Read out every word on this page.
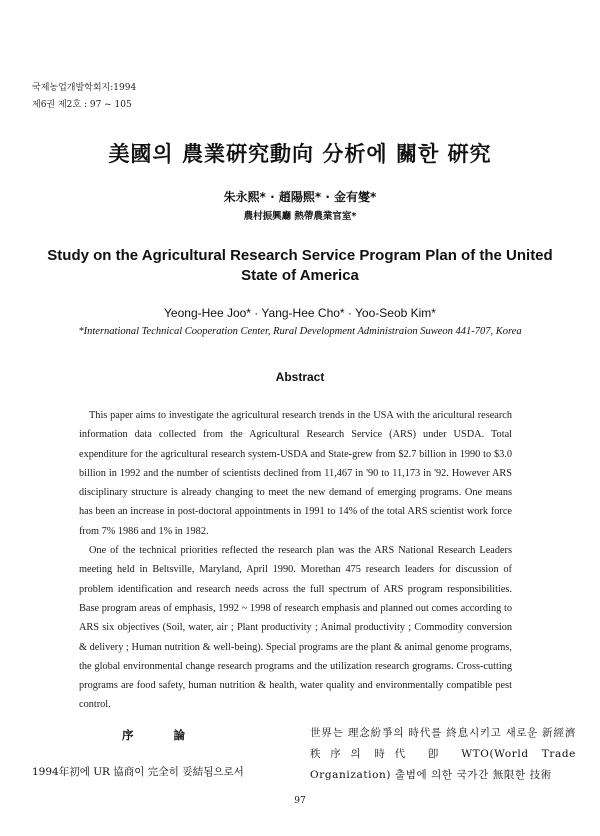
국제농업개발학회지:1994
제6권 제2호 : 97 ~ 105
美國의 農業硏究動向 分析에 關한 硏究
朱永熙* · 趙陽熙* · 金有燮*
農村振興廳 熱帶農業官室*
Study on the Agricultural Research Service Program Plan of the United State of America
Yeong-Hee Joo* · Yang-Hee Cho* · Yoo-Seob Kim*
*International Technical Cooperation Center, Rural Development Administraion Suweon 441-707, Korea
Abstract

This paper aims to investigate the agricultural research trends in the USA with the aricultural research information data collected from the Agricultural Research Service (ARS) under USDA. Total expenditure for the agricultural research system-USDA and State-grew from $2.7 billion in 1990 to $3.0 billion in 1992 and the number of scientists declined from 11,467 in '90 to 11,173 in '92. However ARS disciplinary structure is already changing to meet the new demand of emerging programs. One means has been an increase in post-doctoral appointments in 1991 to 14% of the total ARS scientist work force from 7% 1986 and 1% in 1982.

One of the technical priorities reflected the research plan was the ARS National Research Leaders meeting held in Beltsville, Maryland, April 1990. Morethan 475 research leaders for discussion of problem identification and research needs across the full spectrum of ARS program responsibilities. Base program areas of emphasis, 1992 ~ 1998 of research emphasis and planned out comes according to ARS six objectives (Soil, water, air ; Plant productivity ; Animal productivity ; Commodity conversion & delivery ; Human nutrition & well-being). Special programs are the plant & animal genome programs, the global environmental change research programs and the utilization research grograms. Cross-cutting programs are food safety, human nutrition & health, water quality and environmentally compatible pest control.

序 論
1994年初에 UR 協商이 完全히 妥結됨으로서
世界는 理念紛爭의 時代를 終息시키고 새로운 新經濟秩序의 時代 卽 WTO(World Trade Organization) 출범에 의한 국가간 無限한 技術
97
